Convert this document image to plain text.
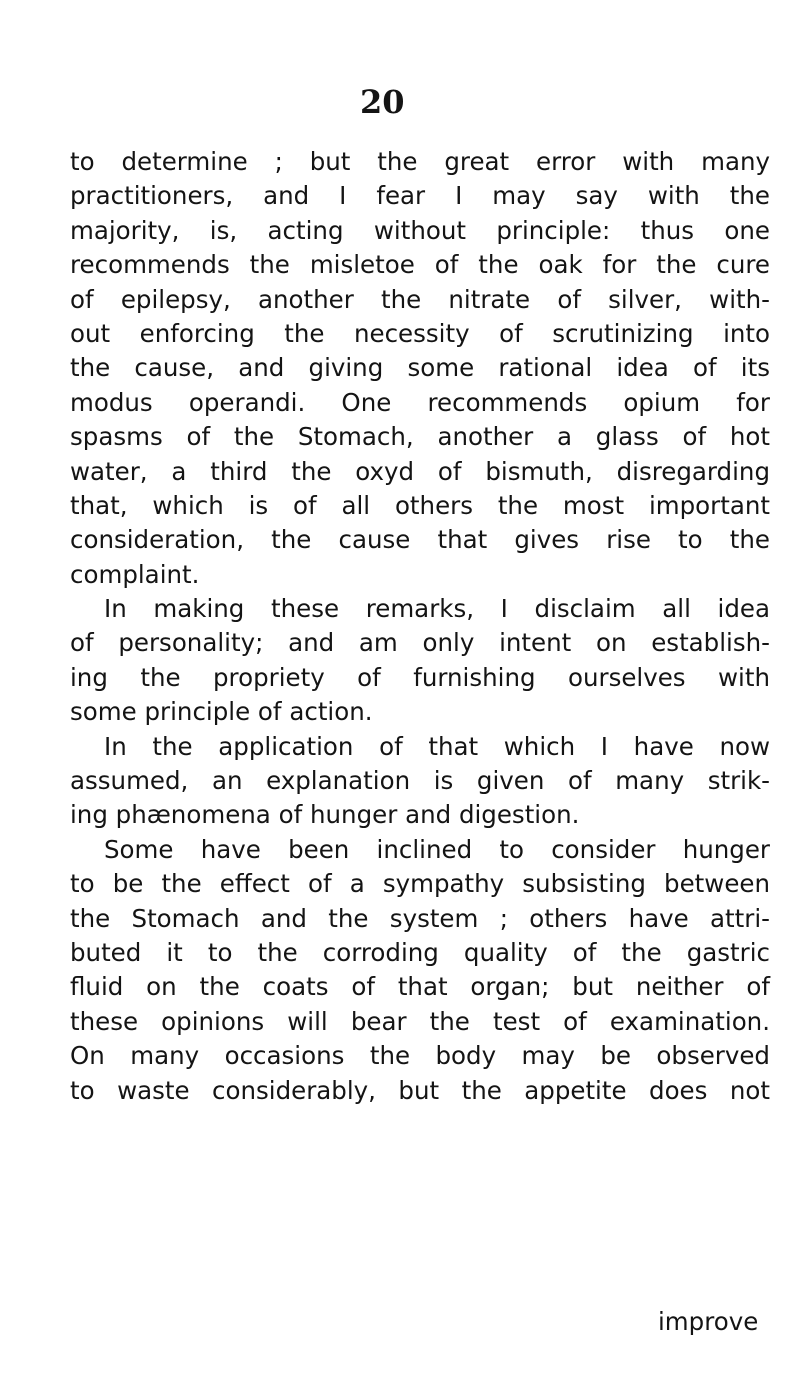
20
to determine ; but the great error with many
practitioners, and I fear I may say with the
majority, is, acting without principle: thus one
recommends the misletoe of the oak for the cure
of epilepsy, another the nitrate of silver, with-
out enforcing the necessity of scrutinizing into
the cause, and giving some rational idea of its
modus operandi. One recommends opium for
spasms of the Stomach, another a glass of hot
water, a third the oxyd of bismuth, disregarding
that, which is of all others the most important
consideration, the cause that gives rise to the
complaint.
In making these remarks, I disclaim all idea
of personality; and am only intent on establish-
ing the propriety of furnishing ourselves with
some principle of action.
In the application of that which I have now
assumed, an explanation is given of many strik-
ing phænomena of hunger and digestion.
Some have been inclined to consider hunger
to be the effect of a sympathy subsisting between
the Stomach and the system ; others have attri-
buted it to the corroding quality of the gastric
fluid on the coats of that organ; but neither of
these opinions will bear the test of examination.
On many occasions the body may be observed
to waste considerably, but the appetite does not
improve
